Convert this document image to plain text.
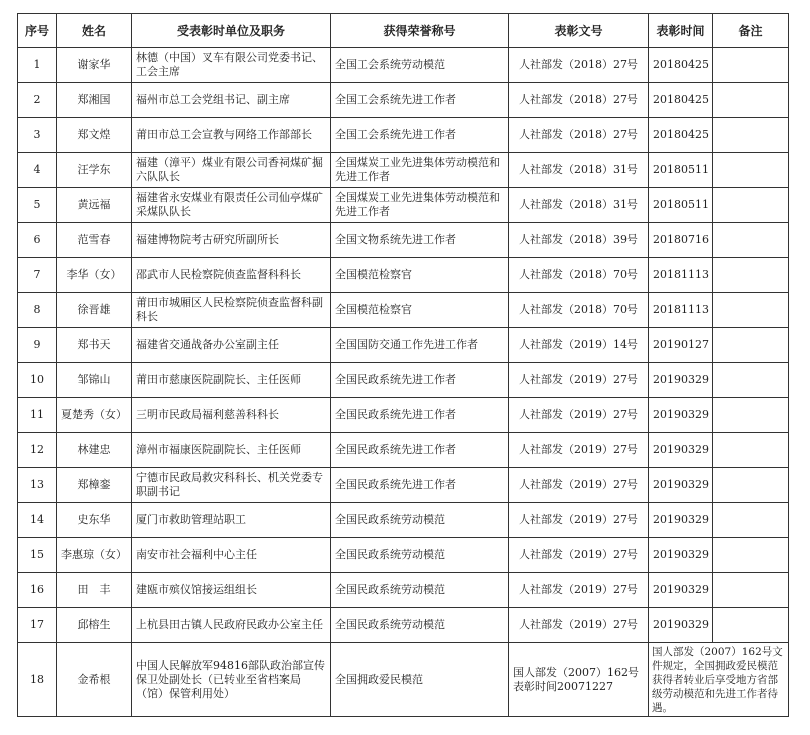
序号	姓名	受表彰时单位及职务	获得荣誉称号	表彰文号	表彰时间	备注
1	谢家华	林德（中国）叉车有限公司党委书记、工会主席	全国工会系统劳动模范	人社部发（2018）27号	20180425	
2	郑湘国	福州市总工会党组书记、副主席	全国工会系统先进工作者	人社部发（2018）27号	20180425	
3	郑文煌	莆田市总工会宣教与网络工作部部长	全国工会系统先进工作者	人社部发（2018）27号	20180425	
4	汪学东	福建（漳平）煤业有限公司香祠煤矿掘六队队长	全国煤炭工业先进集体劳动模范和先进工作者	人社部发（2018）31号	20180511	
5	黄远福	福建省永安煤业有限责任公司仙亭煤矿采煤队队长	全国煤炭工业先进集体劳动模范和先进工作者	人社部发（2018）31号	20180511	
6	范雪春	福建博物院考古研究所副所长	全国文物系统先进工作者	人社部发（2018）39号	20180716	
7	李华（女）	邵武市人民检察院侦查监督科科长	全国模范检察官	人社部发（2018）70号	20181113	
8	徐晋雄	莆田市城厢区人民检察院侦查监督科副科长	全国模范检察官	人社部发（2018）70号	20181113	
9	郑书天	福建省交通战备办公室副主任	全国国防交通工作先进工作者	人社部发（2019）14号	20190127	
10	邹锦山	莆田市慈康医院副院长、主任医师	全国民政系统先进工作者	人社部发（2019）27号	20190329	
11	夏楚秀（女）	三明市民政局福利慈善科科长	全国民政系统先进工作者	人社部发（2019）27号	20190329	
12	林建忠	漳州市福康医院副院长、主任医师	全国民政系统先进工作者	人社部发（2019）27号	20190329	
13	郑樟銮	宁德市民政局救灾科科长、机关党委专职副书记	全国民政系统先进工作者	人社部发（2019）27号	20190329	
14	史东华	厦门市救助管理站职工	全国民政系统劳动模范	人社部发（2019）27号	20190329	
15	李惠琼（女）	南安市社会福利中心主任	全国民政系统劳动模范	人社部发（2019）27号	20190329	
16	田　丰	建瓯市殡仪馆接运组组长	全国民政系统劳动模范	人社部发（2019）27号	20190329	
17	邱榕生	上杭县田古镇人民政府民政办公室主任	全国民政系统劳动模范	人社部发（2019）27号	20190329	
18	金希根	中国人民解放军94816部队政治部宣传保卫处副处长（已转业至省档案局（馆）保管利用处）	全国拥政爱民模范	国人部发（2007）162号表彰时间20071227	国人部发（2007）162号文件规定，全国拥政爱民模范获得者转业后享受地方省部级劳动模范和先进工作者待遇。	
